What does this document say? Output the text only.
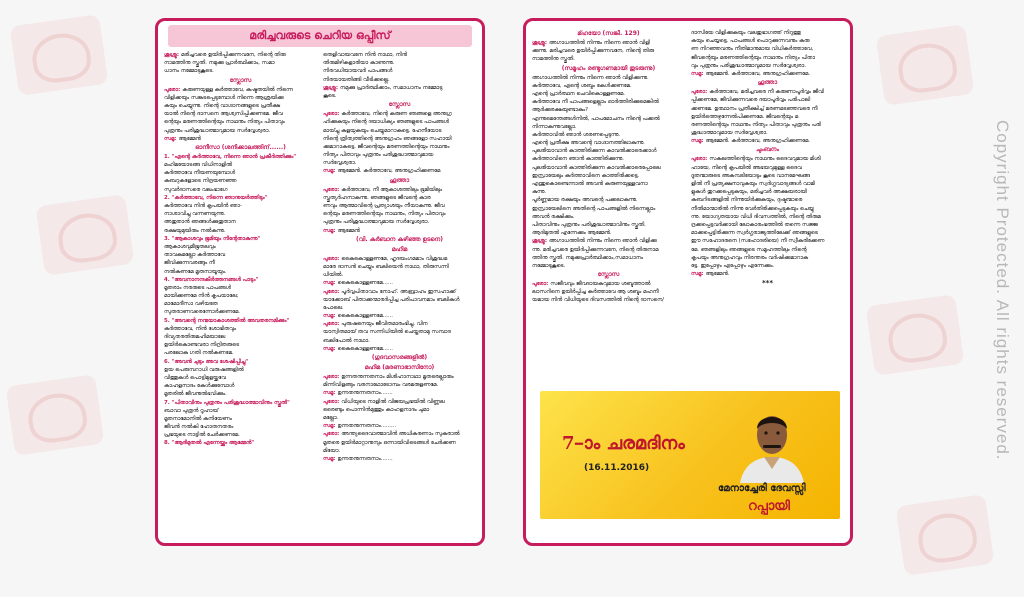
Copyright Protected. All rights reserved.
മരിച്ചവരുടെ ചെറിയ ഒപ്പീസ്
ശുശ്രൂ: മരിച്ചവരെ ഉയിർപ്പിക്കുന്നവനേ, നിന്റെ തിരു
നാമത്തിനു സ്തുതി. നമുക്കു പ്രാർത്ഥിക്കാം, സമാ
ധാനം നമ്മോടുകൂടെ.
സ്ലോസ
പുരോ: കരുണയുള്ള കർത്താവേ, കഷ്ടതയിൽ നിന്നെ
വിളിക്കയും സങ്കടപ്പെടുമ്പോൾ നിന്നെ ആശ്രയിക്കു
കയും ചെയ്യുന്നു. നിന്റെ വാഗ്ദാനങ്ങളുടെ പ്രതീക്ഷ
യാൽ നിന്റെ ദാസനെ ആശ്വസിപ്പിക്കണമേ. ജീവ
ന്റെയും മരണത്തിന്റെയും നാഥനും നിത്യം പിതാവും
പുത്രനും പരിശുദ്ധാത്മാവുമായ സർവ്വേശ്വരാ.
സമൂ: ആമ്മേൻ
ഓനീസാ (ശനിക്കാലത്തിന്......)
1. "എന്റെ കർത്താവേ, നിന്നെ ഞാൻ പ്രകീർത്തിക്കും"
മഹിമയോടങ്ങ വിധിനാളിൽ
കർത്താവേ നീയണയുമ്പോൾ
കബറുകളോടെ നിദ്രയണഞ്ഞ
സുവർദാസരെ വലംഭാഗേ
2. "കർത്താവേ, നിന്നെ ഞാനുയർത്തിടും"
കർത്താവേ നിൻ കൃപയിൻ ഞാ-
നാശാവിച്ചു വന്നണയുന്നു.
അതുതാൻ ഞങ്ങൾക്കുതുതാന
രക്ഷയുമുയിരും നൽകുന്നു.
3. "ആകാശവും ഭൂമിയും നിന്റേതാകുന്നു"
ആകാശവുമീഭൂതലവും
താവകമല്ലോ കർത്താവേ
ജീവിക്കുന്നവരങ്ങും നീ
നൽകണമേ മൃതനായൂയും.
4. "അവനാനന്ദകീർത്തനങ്ങൾ പാടും"
മൃതരാം നരരുടെ പാപങ്ങൾ
മായിക്കണമേ നിൻ കൃപയാലേ;
മാമോദീസാ വഴിയതേ
സുതരാണവരെന്നോർക്കണമേ.
5. "അവന്റെ നന്മയാകാശത്തിൽ അവതരനമിക്കും"
കർത്താവേ, നിൻ ശോഭിതവും
ദിവ്യതരതിരുമഹിമയാലേ
ഉയിർകൊണ്ടവരാ നിദ്രിതരുടെ
പരലോക ഗതി നൽകണമേ.
6. "അവൻ ചുടും അവ ശേഷിപ്പിച്ചു"
ഉയ പെരുമ്പറാധി വരുഷങ്ങളിൽ
വിത്തുകൾ പൊട്ടിമുളയ്ക്കവേ
കാഹളനാദം കേൾക്കുമ്പോൾ
മൃതരിൽ ജീവനുൽഭവിക്കും.
7. "പിതാവിനും പുത്രനും പരിശുദ്ധാത്മാവിനും സ്തുതി"
ബാവാ പുത്രൻ റൂഹായ്
മൃതനാമോനിൽ കനിയേണം
ജീവൻ നൽകി ഹോതനതരം
പ്രഭയുടെ നാട്ടിൽ ചേർക്കണമേ.
8. "ആദിമുതൽ എന്നേയ്ക്കും ആമ്മേൻ"
തെളിവായവനേ നിൻ നാഥാ, നിൻ
തിരുമിഴികളാരിയാ കാണുന്നു.
നിരവധിയായവർ പാപങ്ങൾ
നിരയായതിങ്ങി വീടിക്കല്ലെ.
ശുശ്രൂ: നമുക്കു പ്രാർത്ഥിക്കാം, സമാധാനം നമ്മോടു
കൂടെ.
സ്ലോസ
പുരോ: കർത്താവേ, നിന്റെ കരുണ ഞങ്ങളെ അനുഗ്ര
ഹിക്കുകയും നിന്റെ ദയാധിക്യം ഞങ്ങളുടെ പാപങ്ങൾ
മായ്ച്ചു കളയുകയും ചെയ്യുമാറാകട്ടെ. ഹേനീയോട
നിന്റെ ത്രിത്വത്തിന്റെ അനുഗ്രഹം ഞങ്ങളോ സഹായി
ക്കുമാറാകട്ടെ. ജീവന്റെയും മരണത്തിന്റെയും നാഥനും
നിത്യം പിതാവും പുത്രനും പരിശുദ്ധാത്മാവുമായ
സർവ്വേശ്വരാ.
സമൂ: ആമ്മേൻ. കർത്താവേ, അനുഗ്രഹിക്കണമേ
ഹൂത്താ
പുരോ: കർത്താവേ, നീ ആകാശത്തിലും ഭൂമിയിലും
സ്തുത്യർഹനാകുന്നു. ഞങ്ങളുടെ ജീവന്റെ കാര
ണവും ആത്മാവിന്റെ പ്രത്യാശയും നീയാകുന്നു. ജീവ
ന്റെയും മരണത്തിന്റെയും നാഥനും, നിത്യം പിതാവും
പുത്രനും പരിശുദ്ധാത്മാവുമായ സർവ്വേശ്വരാ.
സമൂ: ആമ്മേൻ
(വി. കുർബാന കഴിഞ്ഞ ഉടനെ)
മഹിമ
പുരോ: കൈകൊള്ളണമേ, ഹൃദയംഗമമാം വിശുദ്ധമ
മാരേ ദാസൻ ചെയ്യും ബലിയെൻ നാഥാ, തിരുസന്നി
ധിയിൽ.
സമൂ: കൈകൊള്ളണമേ......
പുരോ: പൂർവ്വപിതാവാം നോഹ്. അബ്രാഹം ഇസഹാക്ക്
യാക്കോബ് പിതാക്കന്മാരർപ്പിച്ച പരിപാവനമാം ബലികൾ
പോലെ.
സമൂ: കൈകൊള്ളണമേ......
പുരോ: പുരുഷനെയും ജീവിതമാരംഭിച്ചു. വിന
യാന്വിതമായ് തവ സന്നിധിയിൽ ചെയ്തതാമു സമ്പാദ
ബലിപോൽ നാഥാ.
സമൂ: കൈകൊള്ളണമേ......
(ഗുദവാസരങ്ങളിൽ)
മഹിമ (മരണാഭാസിനോ)
പുരോ: ഉന്നതനുന്നതനാം മിശിഹാനാഥാ മൃതരെല്ലാരും
മിന്നിവിളങ്ങും വരനാഥോടോമ്പം വരമരുളണമേ.
സമൂ: ഉന്നതനുന്നതനാം.......
പുരോ: വിധിയുടെ നാളിൽ വിജയപ്രഭയിൽ വിണ്ണല
രൈണ്ടും പൊന്നിൻമുത്തും കാഹളനാദം ചുമാ
മല്ലോ.
സമൂ: ഉന്നതനുന്നതനാം.........
പുരോ: അന്ത്യദൈവാത്മാവിൻ അധികരണാം സുകരാൽ
മൃതരെ ഉയിർമാറ്റാനുമ്പും ഒന്നായിവിടെങ്ങൾ ചേർക്കണ
മിയോ.
സമൂ: ഉന്നതനുന്നതനാം.......
മ്ഹയോ (സങ്കീ. 129)
ശുശ്രൂ: അഗാധത്തിൽ നിന്നും നിന്നെ ഞാൻ വിളി
ക്കുന്നു. മരിച്ചവരെ ഉയിർപ്പിക്കുന്നവനേ, നിന്റെ തിരു
നാമത്തിനു സ്തുതി.
(സമൂഹം രണ്ടുഗണമായി തുടരുന്നു)
അഗാധത്തിൽ നിന്നും നിന്നെ ഞാൻ വിളിക്കുന്നു.
കർത്താവേ, എന്റെ ശബ്ദം കേൾക്കണമേ.
എന്റെ പ്രാർത്ഥന ചെവികൊള്ളണമേ.
കർത്താവേ നീ പാപങ്ങളെല്ലാം ഓർത്തിരിക്കുമെങ്കിൽ
ആർക്കുരക്ഷയുണ്ടാകും?
എന്നുമെന്തേങ്ങൾനിൽ, പാപമോചനം നിന്റെ പക്കൽ
നിന്നാകുന്നുവല്ലോ.
കർത്താവിൽ ഞാൻ ശരണപ്പെടുന്നു.
എന്റെ പ്രതീക്ഷ അവന്റെ വാഗ്ദാനത്തിലാകുന്നു.
പുലരിയാവാൻ കാത്തിരിക്കുന്ന കാവൽക്കാരെക്കാൾ
കർത്താവിനെ ഞാൻ കാത്തിരിക്കുന്നു.
പുലരിയാവാൻ കാത്തിരിക്കുന്ന കാവൽക്കാരെപ്പോലെ
ഇസ്രായേലും കർത്താവിനെ കാത്തിരിക്കട്ടെ.
എന്തുകൊണ്ടെന്നാൽ അവൻ കരുണയുള്ളവനാ
കുന്നു.
പൂർണ്ണമായ രക്ഷയും അവന്റെ പക്കലാകുന്നു.
ഇസ്രായേലിനെ അതിന്റെ പാപങ്ങളിൽ നിന്നെല്ലാം
അവൻ രക്ഷിക്കും.
പിതാവിനും പുത്രനും പരിശുദ്ധാത്മാവിനും സ്തുതി.
ആദിമുതൽ എന്നേക്കും ആമ്മേൻ.
ശുശ്രൂ: അഗാധത്തിൽ നിന്നും നിന്നെ ഞാൻ വിളിക്കു
ന്നു. മരിച്ചവരെ ഉയിർപ്പിക്കുന്നവനേ, നിന്റെ തിരുനാമ
ത്തിനു സ്തുതി. നമുക്കുപ്രാർത്ഥിക്കാം,സമാധാനം
നമ്മോടുകൂടെ.
സ്ലോസ
പുരോ: സജീവവും ജീവദായകവുമായ ശബ്ദത്താൽ
ലാസറിനെ ഉയിർപ്പിച്ച കർത്താവേ ആ ശബ്ദം മഹനീ
യമായ നിൻ വിധിയുടെ ദിവസത്തിൽ നിന്റെ ദാസനെ/
ദാസിയേ വിളിക്കുകയും വലതുഭാഗത്ത് നിറുത്തു
കയും ചെയ്യട്ടെ. പാപങ്ങൾ പൊറുക്കുന്നവനും കരു
ണ നിറഞ്ഞവനും നീതിമാനുമായ വിധികർത്താവേ,
ജീവന്റെയും മരണത്തിന്റെയും നാഥനും നിത്യം പിതാ
വും പുത്രനും പരിശുദ്ധാത്മാവുമായ സർവ്വേശ്വരാ.
സമൂ: ആമ്മേൻ. കർത്താവേ, അനുഗ്രഹിക്കണമേ.
ഹൂത്താ
പുരോ: കർത്താവേ, മരിച്ചവരെ നീ കരുണാപൂർവ്വം ജീവി
പ്പിക്കണമേ, ജീവിക്കുന്നവരെ ദയാപൂർവ്വം പരിപാലി
ക്കണമേ. ഉത്ഥാനം പ്രതീക്ഷിച്ച് മരണമടഞ്ഞവരെ നീ
ഉയിർത്തെഴുന്നേൽപിക്കണമേ. ജീവന്റെയും മ
രണത്തിന്റെയും നാഥനും നിത്യം പിതാവും പുത്രനും പരി
ശുദ്ധാത്മാവുമായ സർവ്വേശ്വരാ.
സമൂ: ആമ്മേൻ. കർത്താവേ, അനുഗ്രഹിക്കണമേ.
ചുംബനം
പുരോ: സകലത്തിന്റെയും നാഥനും ദൈവവുമായ മിശി
ഹായേ, നിന്റെ കൃപയിൽ അഭയവുമുള്ള ദൈവ
ദൂതന്മാരുടെ അകമ്പടിയോടും കൂടെ വാനമേഘങ്ങ
ളിൽ നീ പ്രത്യക്ഷനാവുകയും സ്വർഗ്ഗവാദ്യങ്ങൾ വാമി
ളുകൾ തുറക്കപ്പെടുകയും, മരിച്ചവർ അക്ഷയരായി
കബറിടങ്ങളിൽ നിന്നുയിർക്കുകയും, ദുഷ്ടന്മാരെ
നീതിമാന്മാരിൽ നിന്നു വേർതിരിക്കപ്പെടുകയും ചെയ്യു
ന്നു. യോഗ്യതയായ വിധി ദിവസത്തിൽ, നിന്റെ തിരുമ
ദ്രക്കപ്പെട്ടവർക്കായി ലോകാരംഭത്തിൽ തന്നെ സജ്ജ
മാക്കപ്പെട്ടിരിക്കുന്ന സ്വർഗ്ഗരാജ്യത്തിലേക്ക് ഞങ്ങളുടെ
ഈ സഹോദരനെ (സഹോദരിയെ) നീ സ്വീകരിക്കേണ
മേ. ഞങ്ങളിലും ഞങ്ങളുടെ സമൂഹത്തിലും നിന്റെ
കൃപയും അനുഗ്രഹവും നിരന്തരം വർഷിക്കുമാറാക
ട്ടേ. ഇപ്പോഴും എപ്പോഴും എന്നേക്കും.
സമൂ: ആമ്മേൻ.
***
7–ാം ചരമദിനം
(16.11.2016)
മേനാച്ചേരി ദേവസ്സി
റപ്പായി
